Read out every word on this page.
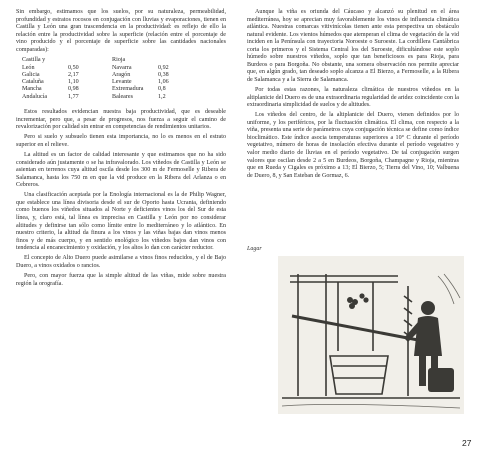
Sin embargo, estimamos que los suelos, por su naturaleza, permeabilidad, profundidad y estratos rocosos en conjugación con lluvias y evaporaciones, tienen en Castilla y León una gran trascendencia en la productividad: es reflejo de ello la relación entre la productividad sobre la superficie (relación entre el porcentaje de vino producido y el porcentaje de superficie sobre las cantidades nacionales comparadas):

Castilla y		Rioja	
León	0,50	Navarra	0,92
Galicia	2,17	Aragón	0,38
Cataluña	1,10	Levante	1,06
Mancha	0,98	Extremadura	0,8
Andalucía	1,77	Baleares	1,2

Estos resultados evidencian nuestra baja productividad, que es deseable incrementar, pero que, a pesar de progresos, nos fuerza a seguir el camino de revalorización por calidad sin entrar en competencias de rendimientos unitarios.

Pero si suelo y subsuelo tienen esta importancia, no lo es menos en el estrato superior en el relieve.

La altitud es un factor de calidad interesante y que estimamos que no ha sido considerado aún justamente o se ha infravalorado. Los viñedos de Castilla y León se asientan en terrenos cuya altitud oscila desde los 300 m de Fermoselle y Ribera de Salamanca, hasta los 750 m en que la vid produce en la Ribera del Arlanza o en Cebreros.

Una clasificación aceptada por la Enología internacional es la de Philip Wagner, que establece una línea divisoria desde el sur de Oporto hasta Ucrania, definiendo como buenos los viñedos situados al Norte y deficientes vinos los del Sur de esta línea, y, claro está, tal línea es imprecisa en Castilla y León por no considerar altitudes y definirse tan sólo como límite entre lo mediterráneo y lo atlántico. En nuestro criterio, la altitud da finura a los vinos y las viñas bajas dan vinos menos finos y de más cuerpo, y en sentido enológico los viñedos bajos dan vinos con tendencia al encanecimiento y oxidación, y los altos lo dan con carácter reductor.

El concepto de Alto Duero puede asimilarse a vinos finos reducidos, y el de Bajo Duero, a vinos oxidados o rancios.

Pero, con mayor fuerza que la simple altitud de las viñas, mide sobre nuestra región la orografía.

Aunque la viña es oriunda del Cáucaso y alcanzó su plenitud en el área mediterránea, hoy se aprecian muy favorablemente los vinos de influencia climática atlántica. Nuestras comarcas vitivinícolas tienen ante esta perspectiva un obstáculo natural evidente. Los vientos húmedos que atemperan el clima de vegetación de la vid inciden en la Península con trayectoria Noroeste o Suroeste. La cordillera Cantábrica corta los primeros y el Sistema Central los del Suroeste, dificultándose este soplo húmedo sobre nuestros viñedos, soplo que tan beneficiosos es para Rioja, para Burdeos o para Borgoña. No obstante, una somera observación nos permite apreciar que, en algún grado, tan deseado soplo alcanza a El Bierzo, a Fermoselle, a la Ribera de Salamanca y a la Sierra de Salamanca.

Por todas estas razones, la naturaleza climática de nuestros viñedos en la altiplanicie del Duero es de una extraordinaria regularidad de aridez coincidente con la extraordinaria simplicidad de suelos y de altitudes.

Los viñedos del centro, de la altiplanicie del Duero, vienen definidos por lo uniforme, y los periféricos, por la fluctuación climática. El clima, con respecto a la viña, presenta una serie de parámetros cuya conjugación técnica se define como índice bioclimático. Este índice asocia temperaturas superiores a 10° C durante el período vegetativo, número de horas de insolación efectiva durante el período vegetativo y valor medio diario de lluvias en el período vegetativo. De tal conjugación surgen valores que oscilan desde 2 a 5 en Burdeos, Borgoña, Champagne y Rioja, mientras que en Rueda y Cigales es próximo a 13; El Bierzo, 5; Tierra del Vino, 10; Valbuena de Duero, 8, y San Esteban de Gormaz, 6.

Lagar
27
